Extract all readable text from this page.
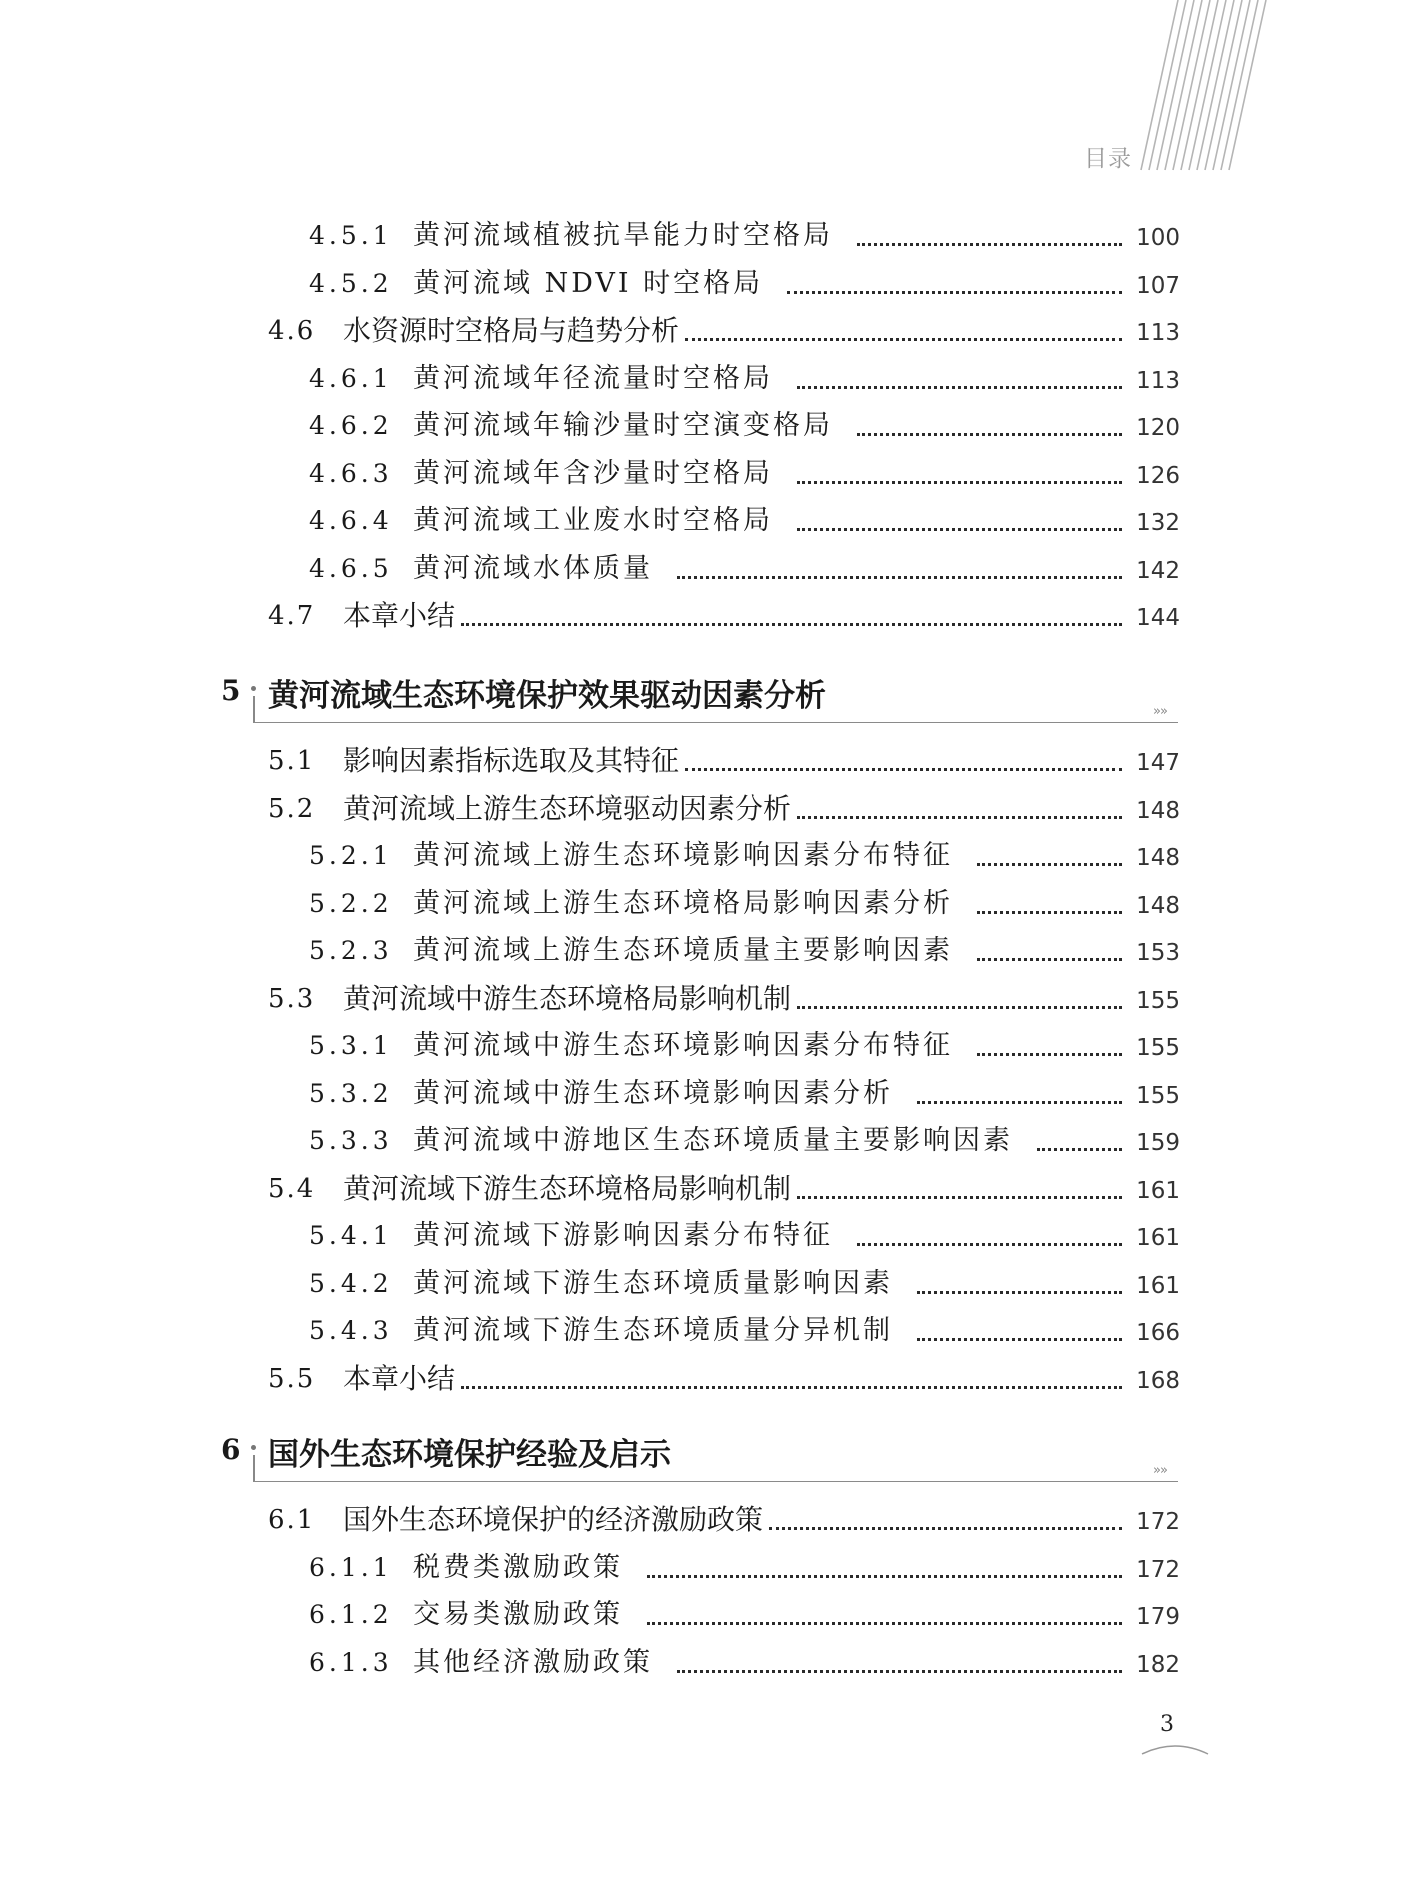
目录
4.5.1 黄河流域植被抗旱能力时空格局	100
4.5.2 黄河流域 NDVI 时空格局	107
4.6 水资源时空格局与趋势分析	113
4.6.1 黄河流域年径流量时空格局	113
4.6.2 黄河流域年输沙量时空演变格局	120
4.6.3 黄河流域年含沙量时空格局	126
4.6.4 黄河流域工业废水时空格局	132
4.6.5 黄河流域水体质量	142
4.7 本章小结	144
5 黄河流域生态环境保护效果驱动因素分析	»»
5.1 影响因素指标选取及其特征	147
5.2 黄河流域上游生态环境驱动因素分析	148
5.2.1 黄河流域上游生态环境影响因素分布特征	148
5.2.2 黄河流域上游生态环境格局影响因素分析	148
5.2.3 黄河流域上游生态环境质量主要影响因素	153
5.3 黄河流域中游生态环境格局影响机制	155
5.3.1 黄河流域中游生态环境影响因素分布特征	155
5.3.2 黄河流域中游生态环境影响因素分析	155
5.3.3 黄河流域中游地区生态环境质量主要影响因素	159
5.4 黄河流域下游生态环境格局影响机制	161
5.4.1 黄河流域下游影响因素分布特征	161
5.4.2 黄河流域下游生态环境质量影响因素	161
5.4.3 黄河流域下游生态环境质量分异机制	166
5.5 本章小结	168
6 国外生态环境保护经验及启示	»»
6.1 国外生态环境保护的经济激励政策	172
6.1.1 税费类激励政策	172
6.1.2 交易类激励政策	179
6.1.3 其他经济激励政策	182
3
